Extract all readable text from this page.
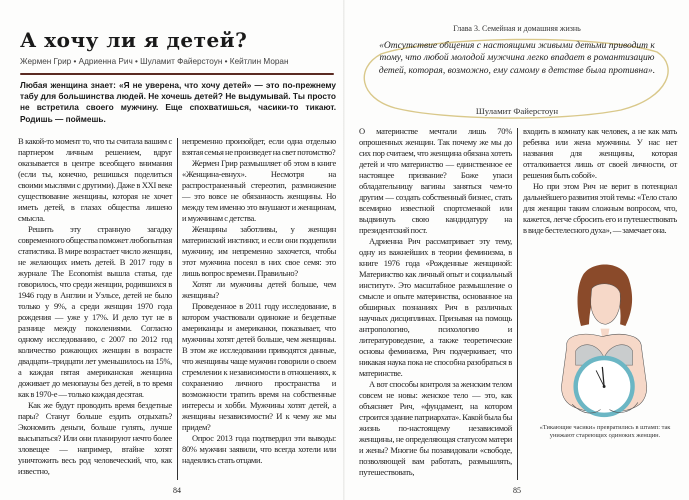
А хочу ли я детей?
Жермен Грир • Адриенна Рич • Шуламит Файерстоун • Кейтлин Моран
Любая женщина знает: «Я не уверена, что хочу детей» — это по-прежнему табу для большинства людей. Не хочешь детей? Не выдумывай. Ты просто не встретила своего мужчину. Еще спохватишься, часики-то тикают. Родишь — поймешь.

В какой-то момент то, что ты считала вашим с партнером личным решением, вдруг оказывается в центре всеобщего внимания (если ты, конечно, решишься поделиться своими мыслями с другими). Даже в XXI веке существование женщины, которая не хочет иметь детей, в глазах общества лишено смысла.

Решить эту странную загадку современного общества поможет любопытная статистика. В мире возрастает число женщин, не желающих иметь детей. В 2017 году в журнале The Economist вышла статья, где говорилось, что среди женщин, родившихся в 1946 году в Англии и Уэльсе, детей не было только у 9%, а среди женщин 1970 года рождения — уже у 17%. И дело тут не в разнице между поколениями. Согласно одному исследованию, с 2007 по 2012 год количество рожающих женщин в возрасте двадцати–тридцати лет уменьшилось на 15%, а каждая пятая американская женщина доживает до менопаузы без детей, в то время как в 1970-е — только каждая десятая.

Как же будут проводить время бездетные пары? Станут больше ездить отдыхать? Экономить деньги, больше гулять, лучше высыпаться? Или они планируют нечто более зловещее — например, втайне хотят уничтожить весь род человеческий, что, как известно,

непременно произойдет, если одна отдельно взятая семья не произведет на свет потомство?

Жермен Грир размышляет об этом в книге «Женщина-евнух». Несмотря на распространенный стереотип, размножение — это вовсе не обязанность женщины. Но между тем именно это внушают и женщинам, и мужчинам с детства.

Женщины заботливы, у женщин материнский инстинкт, и если они подцепили мужчину, им непременно захочется, чтобы этот мужчина посеял в них свое семя: это лишь вопрос времени. Правильно?

Хотят ли мужчины детей больше, чем женщины?

Проведенное в 2011 году исследование, в котором участвовали одинокие и бездетные американцы и американки, показывает, что мужчины хотят детей больше, чем женщины. В этом же исследовании приводятся данные, что женщины чаще мужчин говорили о своем стремлении к независимости в отношениях, к сохранению личного пространства и возможности тратить время на собственные интересы и хобби. Мужчины хотят детей, а женщины независимости? И к чему же мы придем?

Опрос 2013 года подтвердил эти выводы: 80% мужчин заявили, что всегда хотели или надеялись стать отцами.

84
Глава 3. Семейная и домашняя жизнь
«Отсутствие общения с настоящими живыми детьми приводит к тому, что любой молодой мужчина легко впадает в романтизацию детей, которая, возможно, ему самому в детстве была противна».
Шуламит Файерстоун

О материнстве мечтали лишь 70% опрошенных женщин. Так почему же мы до сих пор считаем, что женщина обязана хотеть детей и что материнство — единственное ее настоящее призвание? Боже упаси обладательницу вагины заняться чем-то другим — создать собственный бизнес, стать всемирно известной спортсменкой или выдвинуть свою кандидатуру на президентский пост.

Адриенна Рич рассматривает эту тему, одну из важнейших в теории феминизма, в книге 1976 года «Рожденные женщиной: Материнство как личный опыт и социальный институт». Это масштабное размышление о смысле и опыте материнства, основанное на обширных познаниях Рич в различных научных дисциплинах. Призывая на помощь антропологию, психологию и литературоведение, а также теоретические основы феминизма, Рич подчеркивает, что никакая наука пока не способна разобраться в материнстве.

А вот способы контроля за женским телом совсем не новы: женское тело — это, как объясняет Рич, «фундамент, на котором строится здание патриархата». Какой была бы жизнь по-настоящему независимой женщины, не определяющая статусом матери и жены? Многие бы позавидовали «свободе, позволяющей вам работать, размышлять, путешествовать,

входить в комнату как человек, а не как мать ребенка или жена мужчины. У нас нет названия для женщины, которая отталкивается лишь от своей личности, от решения быть собой».

Но при этом Рич не верит в потенциал дальнейшего развития этой темы: «Тело стало для женщин таким сложным вопросом, что, кажется, легче сбросить его и путешествовать в виде бестелесного духа», — замечает она.

«Тикающие часики» превратились в штамп: так унижают стареющих одиноких женщин.
85
